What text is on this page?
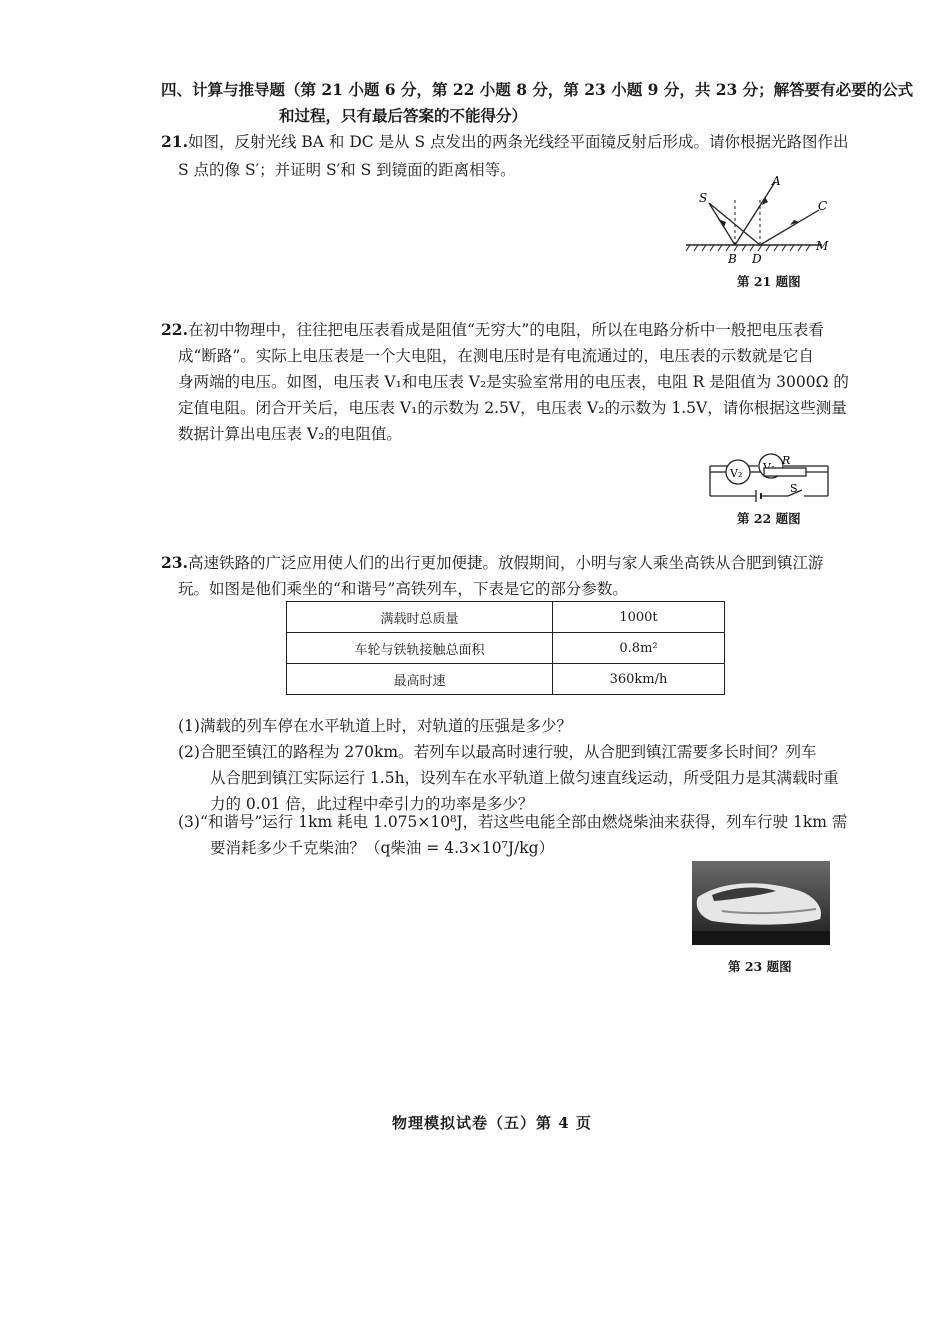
四、计算与推导题（第 21 小题 6 分，第 22 小题 8 分，第 23 小题 9 分，共 23 分；解答要有必要的公式
和过程，只有最后答案的不能得分）
21.如图，反射光线 BA 和 DC 是从 S 点发出的两条光线经平面镜反射后形成。请你根据光路图作出
S 点的像 S′；并证明 S′和 S 到镜面的距离相等。
S
A
C
B D
M
第 21 题图
22.在初中物理中，往往把电压表看成是阻值“无穷大”的电阻，所以在电路分析中一般把电压表看
成“断路”。实际上电压表是一个大电阻，在测电压时是有电流通过的，电压表的示数就是它自
身两端的电压。如图，电压表 V₁和电压表 V₂是实验室常用的电压表，电阻 R 是阻值为 3000Ω 的
定值电阻。闭合开关后，电压表 V₁的示数为 2.5V，电压表 V₂的示数为 1.5V，请你根据这些测量
数据计算出电压表 V₂的电阻值。
V₂
R
S
第 22 题图
23.高速铁路的广泛应用使人们的出行更加便捷。放假期间，小明与家人乘坐高铁从合肥到镇江游
玩。如图是他们乘坐的“和谐号”高铁列车，下表是它的部分参数。
满载时总质量	1000t
车轮与铁轨接触总面积	0.8m²
最高时速	360km/h
(1)满载的列车停在水平轨道上时，对轨道的压强是多少？
(2)合肥至镇江的路程为 270km。若列车以最高时速行驶，从合肥到镇江需要多长时间？列车
从合肥到镇江实际运行 1.5h，设列车在水平轨道上做匀速直线运动，所受阻力是其满载时重
力的 0.01 倍，此过程中牵引力的功率是多少？
(3)“和谐号”运行 1km 耗电 1.075×10⁸J，若这些电能全部由燃烧柴油来获得，列车行驶 1km 需
要消耗多少千克柴油？（q柴油 = 4.3×10⁷J/kg）
第 23 题图
物理模拟试卷（五）第 4 页
